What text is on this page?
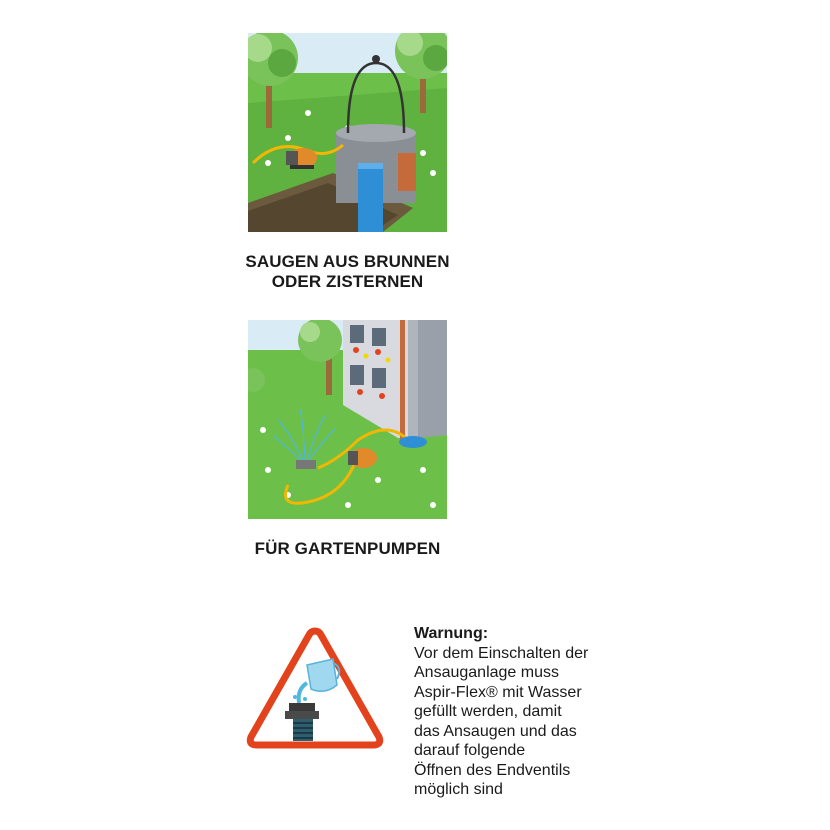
SAUGEN AUS BRUNNEN
ODER ZISTERNEN
FÜR GARTENPUMPEN
Warnung:
Vor dem Einschalten der
Ansauganlage muss
Aspir-Flex® mit Wasser
gefüllt werden, damit
das Ansaugen und das
darauf folgende
Öffnen des Endventils
möglich sind
